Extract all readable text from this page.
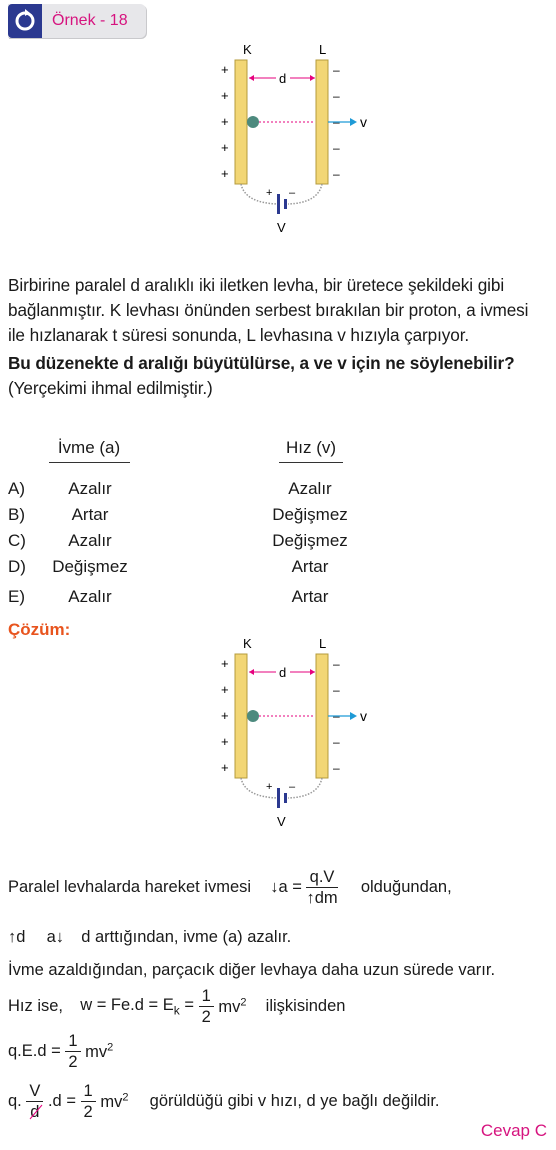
Örnek - 18
K	L
+
+
+
+
+
–
–
–
–
–
d
v
+ –
V
Birbirine paralel d aralıklı iki iletken levha, bir üretece şekildeki gibi
bağlanmıştır. K levhası önünden serbest bırakılan bir proton, a ivmesi
ile hızlanarak t süresi sonunda, L levhasına v hızıyla çarpıyor.
Bu düzenekte d aralığı büyütülürse, a ve v için ne söylenebilir?
(Yerçekimi ihmal edilmiştir.)
İvme (a)	Hız (v)
A)	Azalır	Azalır
B)	Artar	Değişmez
C) Azalır	Değişmez
D) Değişmez	Artar
E)	Azalır	Artar
Çözüm:
K	L
+
+
+
+
+
–
–
–
–
–
d
v
+ –
V
Paralel levhalarda hareket ivmesi ↓a = $\frac{q.V}{↑dm}$ olduğundan,
↑d a↓ d arttığından, ivme (a) azalır.
İvme azaldığından, parçacık diğer levhaya daha uzun sürede varır.
Hız ise, $w = Fe.d = E_k = \frac{1}{2} mv^2$ ilişkisinden
$q.E.d = \frac{1}{2} mv^2$
q. $\frac{V}{d} .d = \frac{1}{2} mv^2$ görüldüğü gibi v hızı, d ye bağlı değildir.
Cevap C
